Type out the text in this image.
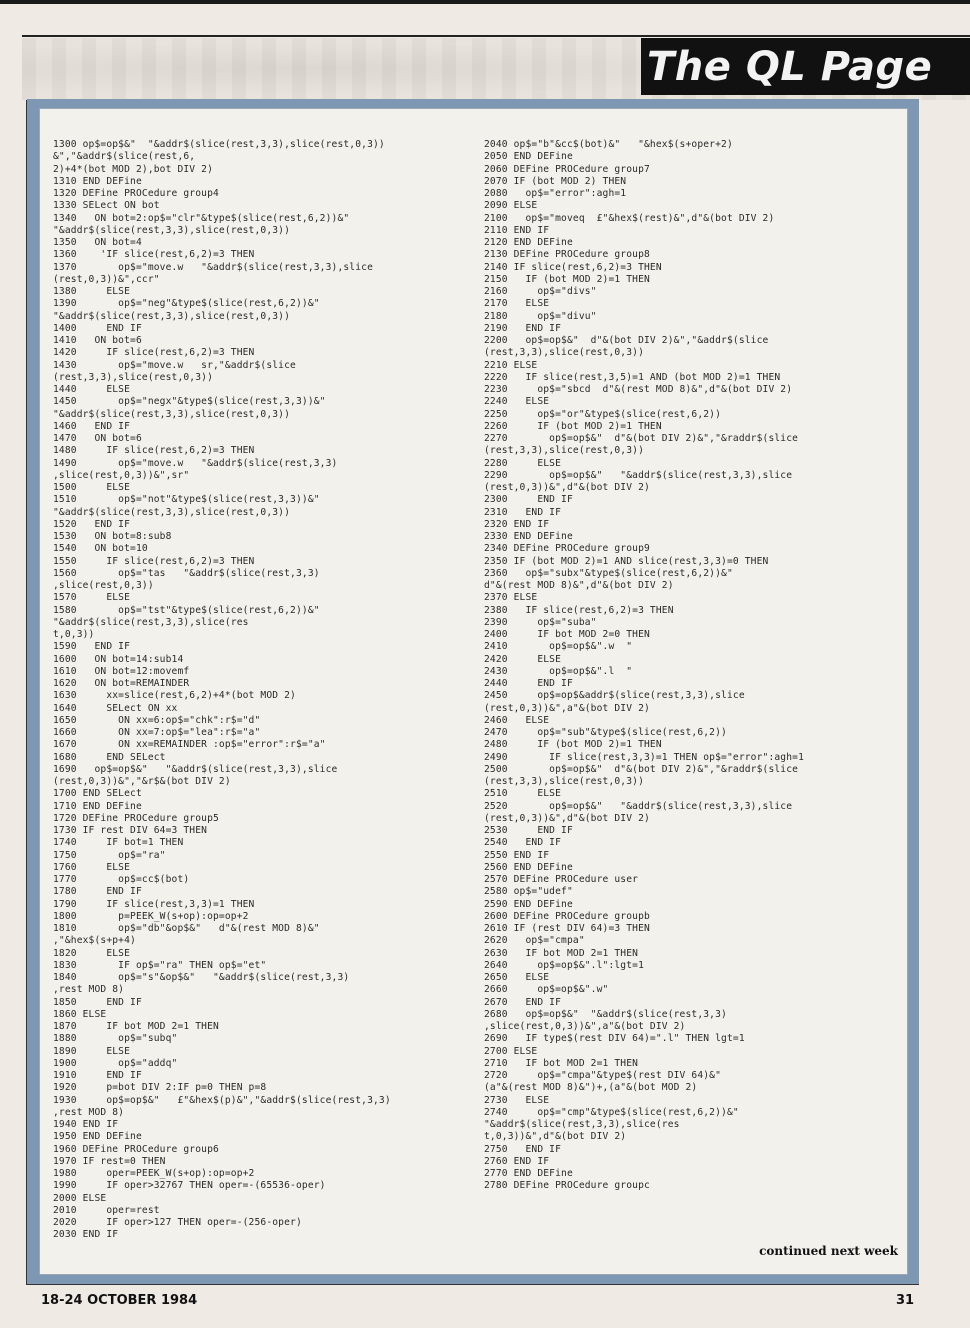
The QL Page
1300 op$=op$&"  "&addr$(slice(rest,3,3),slice(rest,0,3))
&","&addr$(slice(rest,6,
2)+4*(bot MOD 2),bot DIV 2)
1310 END DEFine
1320 DEFine PROCedure group4
1330 SELect ON bot
1340   ON bot=2:op$="clr"&type$(slice(rest,6,2))&"
"&addr$(slice(rest,3,3),slice(rest,0,3))
1350   ON bot=4
1360    'IF slice(rest,6,2)=3 THEN
1370       op$="move.w   "&addr$(slice(rest,3,3),slice
(rest,0,3))&",ccr"
1380     ELSE
1390       op$="neg"&type$(slice(rest,6,2))&"
"&addr$(slice(rest,3,3),slice(rest,0,3))
1400     END IF
1410   ON bot=6
1420     IF slice(rest,6,2)=3 THEN
1430       op$="move.w   sr,"&addr$(slice
(rest,3,3),slice(rest,0,3))
1440     ELSE
1450       op$="negx"&type$(slice(rest,3,3))&"
"&addr$(slice(rest,3,3),slice(rest,0,3))
1460   END IF
1470   ON bot=6
1480     IF slice(rest,6,2)=3 THEN
1490       op$="move.w   "&addr$(slice(rest,3,3)
,slice(rest,0,3))&",sr"
1500     ELSE
1510       op$="not"&type$(slice(rest,3,3))&"
"&addr$(slice(rest,3,3),slice(rest,0,3))
1520   END IF
1530   ON bot=8:sub8
1540   ON bot=10
1550     IF slice(rest,6,2)=3 THEN
1560       op$="tas   "&addr$(slice(rest,3,3)
,slice(rest,0,3))
1570     ELSE
1580       op$="tst"&type$(slice(rest,6,2))&"
"&addr$(slice(rest,3,3),slice(res
t,0,3))
1590   END IF
1600   ON bot=14:sub14
1610   ON bot=12:movemf
1620   ON bot=REMAINDER
1630     xx=slice(rest,6,2)+4*(bot MOD 2)
1640     SELect ON xx
1650       ON xx=6:op$="chk":r$="d"
1660       ON xx=7:op$="lea":r$="a"
1670       ON xx=REMAINDER :op$="error":r$="a"
1680     END SELect
1690   op$=op$&"   "&addr$(slice(rest,3,3),slice
(rest,0,3))&","&r$&(bot DIV 2)
1700 END SELect
1710 END DEFine
1720 DEFine PROCedure group5
1730 IF rest DIV 64=3 THEN
1740     IF bot=1 THEN
1750       op$="ra"
1760     ELSE
1770       op$=cc$(bot)
1780     END IF
1790     IF slice(rest,3,3)=1 THEN
1800       p=PEEK_W(s+op):op=op+2
1810       op$="db"&op$&"   d"&(rest MOD 8)&"
,"&hex$(s+p+4)
1820     ELSE
1830       IF op$="ra" THEN op$="et"
1840       op$="s"&op$&"   "&addr$(slice(rest,3,3)
,rest MOD 8)
1850     END IF
1860 ELSE
1870     IF bot MOD 2=1 THEN
1880       op$="subq"
1890     ELSE
1900       op$="addq"
1910     END IF
1920     p=bot DIV 2:IF p=0 THEN p=8
1930     op$=op$&"   £"&hex$(p)&","&addr$(slice(rest,3,3)
,rest MOD 8)
1940 END IF
1950 END DEFine
1960 DEFine PROCedure group6
1970 IF rest=0 THEN
1980     oper=PEEK_W(s+op):op=op+2
1990     IF oper>32767 THEN oper=-(65536-oper)
2000 ELSE
2010     oper=rest
2020     IF oper>127 THEN oper=-(256-oper)
2030 END IF
2040 op$="b"&cc$(bot)&"   "&hex$(s+oper+2)
2050 END DEFine
2060 DEFine PROCedure group7
2070 IF (bot MOD 2) THEN
2080   op$="error":agh=1
2090 ELSE
2100   op$="moveq  £"&hex$(rest)&",d"&(bot DIV 2)
2110 END IF
2120 END DEFine
2130 DEFine PROCedure group8
2140 IF slice(rest,6,2)=3 THEN
2150   IF (bot MOD 2)=1 THEN
2160     op$="divs"
2170   ELSE
2180     op$="divu"
2190   END IF
2200   op$=op$&"  d"&(bot DIV 2)&","&addr$(slice
(rest,3,3),slice(rest,0,3))
2210 ELSE
2220   IF slice(rest,3,5)=1 AND (bot MOD 2)=1 THEN
2230     op$="sbcd  d"&(rest MOD 8)&",d"&(bot DIV 2)
2240   ELSE
2250     op$="or"&type$(slice(rest,6,2))
2260     IF (bot MOD 2)=1 THEN
2270       op$=op$&"  d"&(bot DIV 2)&","&raddr$(slice
(rest,3,3),slice(rest,0,3))
2280     ELSE
2290       op$=op$&"   "&addr$(slice(rest,3,3),slice
(rest,0,3))&",d"&(bot DIV 2)
2300     END IF
2310   END IF
2320 END IF
2330 END DEFine
2340 DEFine PROCedure group9
2350 IF (bot MOD 2)=1 AND slice(rest,3,3)=0 THEN
2360   op$="subx"&type$(slice(rest,6,2))&"
d"&(rest MOD 8)&",d"&(bot DIV 2)
2370 ELSE
2380   IF slice(rest,6,2)=3 THEN
2390     op$="suba"
2400     IF bot MOD 2=0 THEN
2410       op$=op$&".w  "
2420     ELSE
2430       op$=op$&".l  "
2440     END IF
2450     op$=op$&addr$(slice(rest,3,3),slice
(rest,0,3))&",a"&(bot DIV 2)
2460   ELSE
2470     op$="sub"&type$(slice(rest,6,2))
2480     IF (bot MOD 2)=1 THEN
2490       IF slice(rest,3,3)=1 THEN op$="error":agh=1
2500       op$=op$&"  d"&(bot DIV 2)&","&raddr$(slice
(rest,3,3),slice(rest,0,3))
2510     ELSE
2520       op$=op$&"   "&addr$(slice(rest,3,3),slice
(rest,0,3))&",d"&(bot DIV 2)
2530     END IF
2540   END IF
2550 END IF
2560 END DEFine
2570 DEFine PROCedure user
2580 op$="udef"
2590 END DEFine
2600 DEFine PROCedure groupb
2610 IF (rest DIV 64)=3 THEN
2620   op$="cmpa"
2630   IF bot MOD 2=1 THEN
2640     op$=op$&".l":lgt=1
2650   ELSE
2660     op$=op$&".w"
2670   END IF
2680   op$=op$&"  "&addr$(slice(rest,3,3)
,slice(rest,0,3))&",a"&(bot DIV 2)
2690   IF type$(rest DIV 64)=".l" THEN lgt=1
2700 ELSE
2710   IF bot MOD 2=1 THEN
2720     op$="cmpa"&type$(rest DIV 64)&"
(a"&(rest MOD 8)&")+,(a"&(bot MOD 2)
2730   ELSE
2740     op$="cmp"&type$(slice(rest,6,2))&"
"&addr$(slice(rest,3,3),slice(res
t,0,3))&",d"&(bot DIV 2)
2750   END IF
2760 END IF
2770 END DEFine
2780 DEFine PROCedure groupc
continued next week
18-24 OCTOBER 1984	31
